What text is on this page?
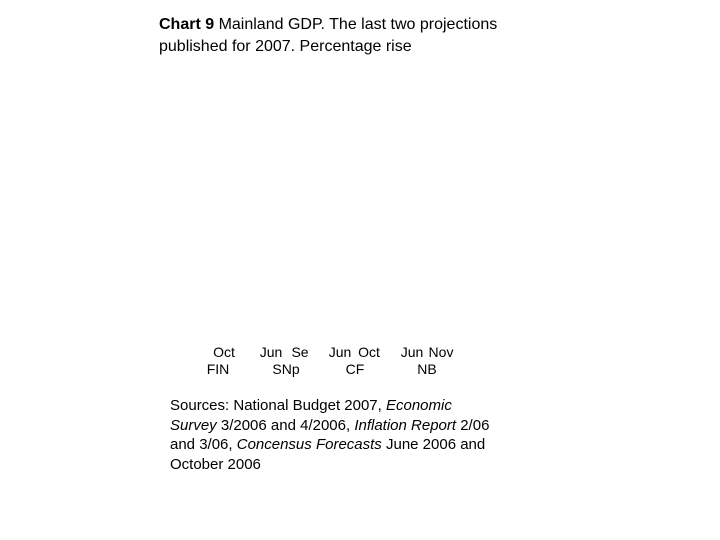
Chart 9 Mainland GDP. The last two projections published for 2007. Percentage rise
Oct
FIN
Jun Se
SNp
Jun Oct
CF
Jun Nov
NB
Sources: National Budget 2007, Economic Survey 3/2006 and 4/2006, Inflation Report 2/06 and 3/06, Concensus Forecasts June 2006 and October 2006
